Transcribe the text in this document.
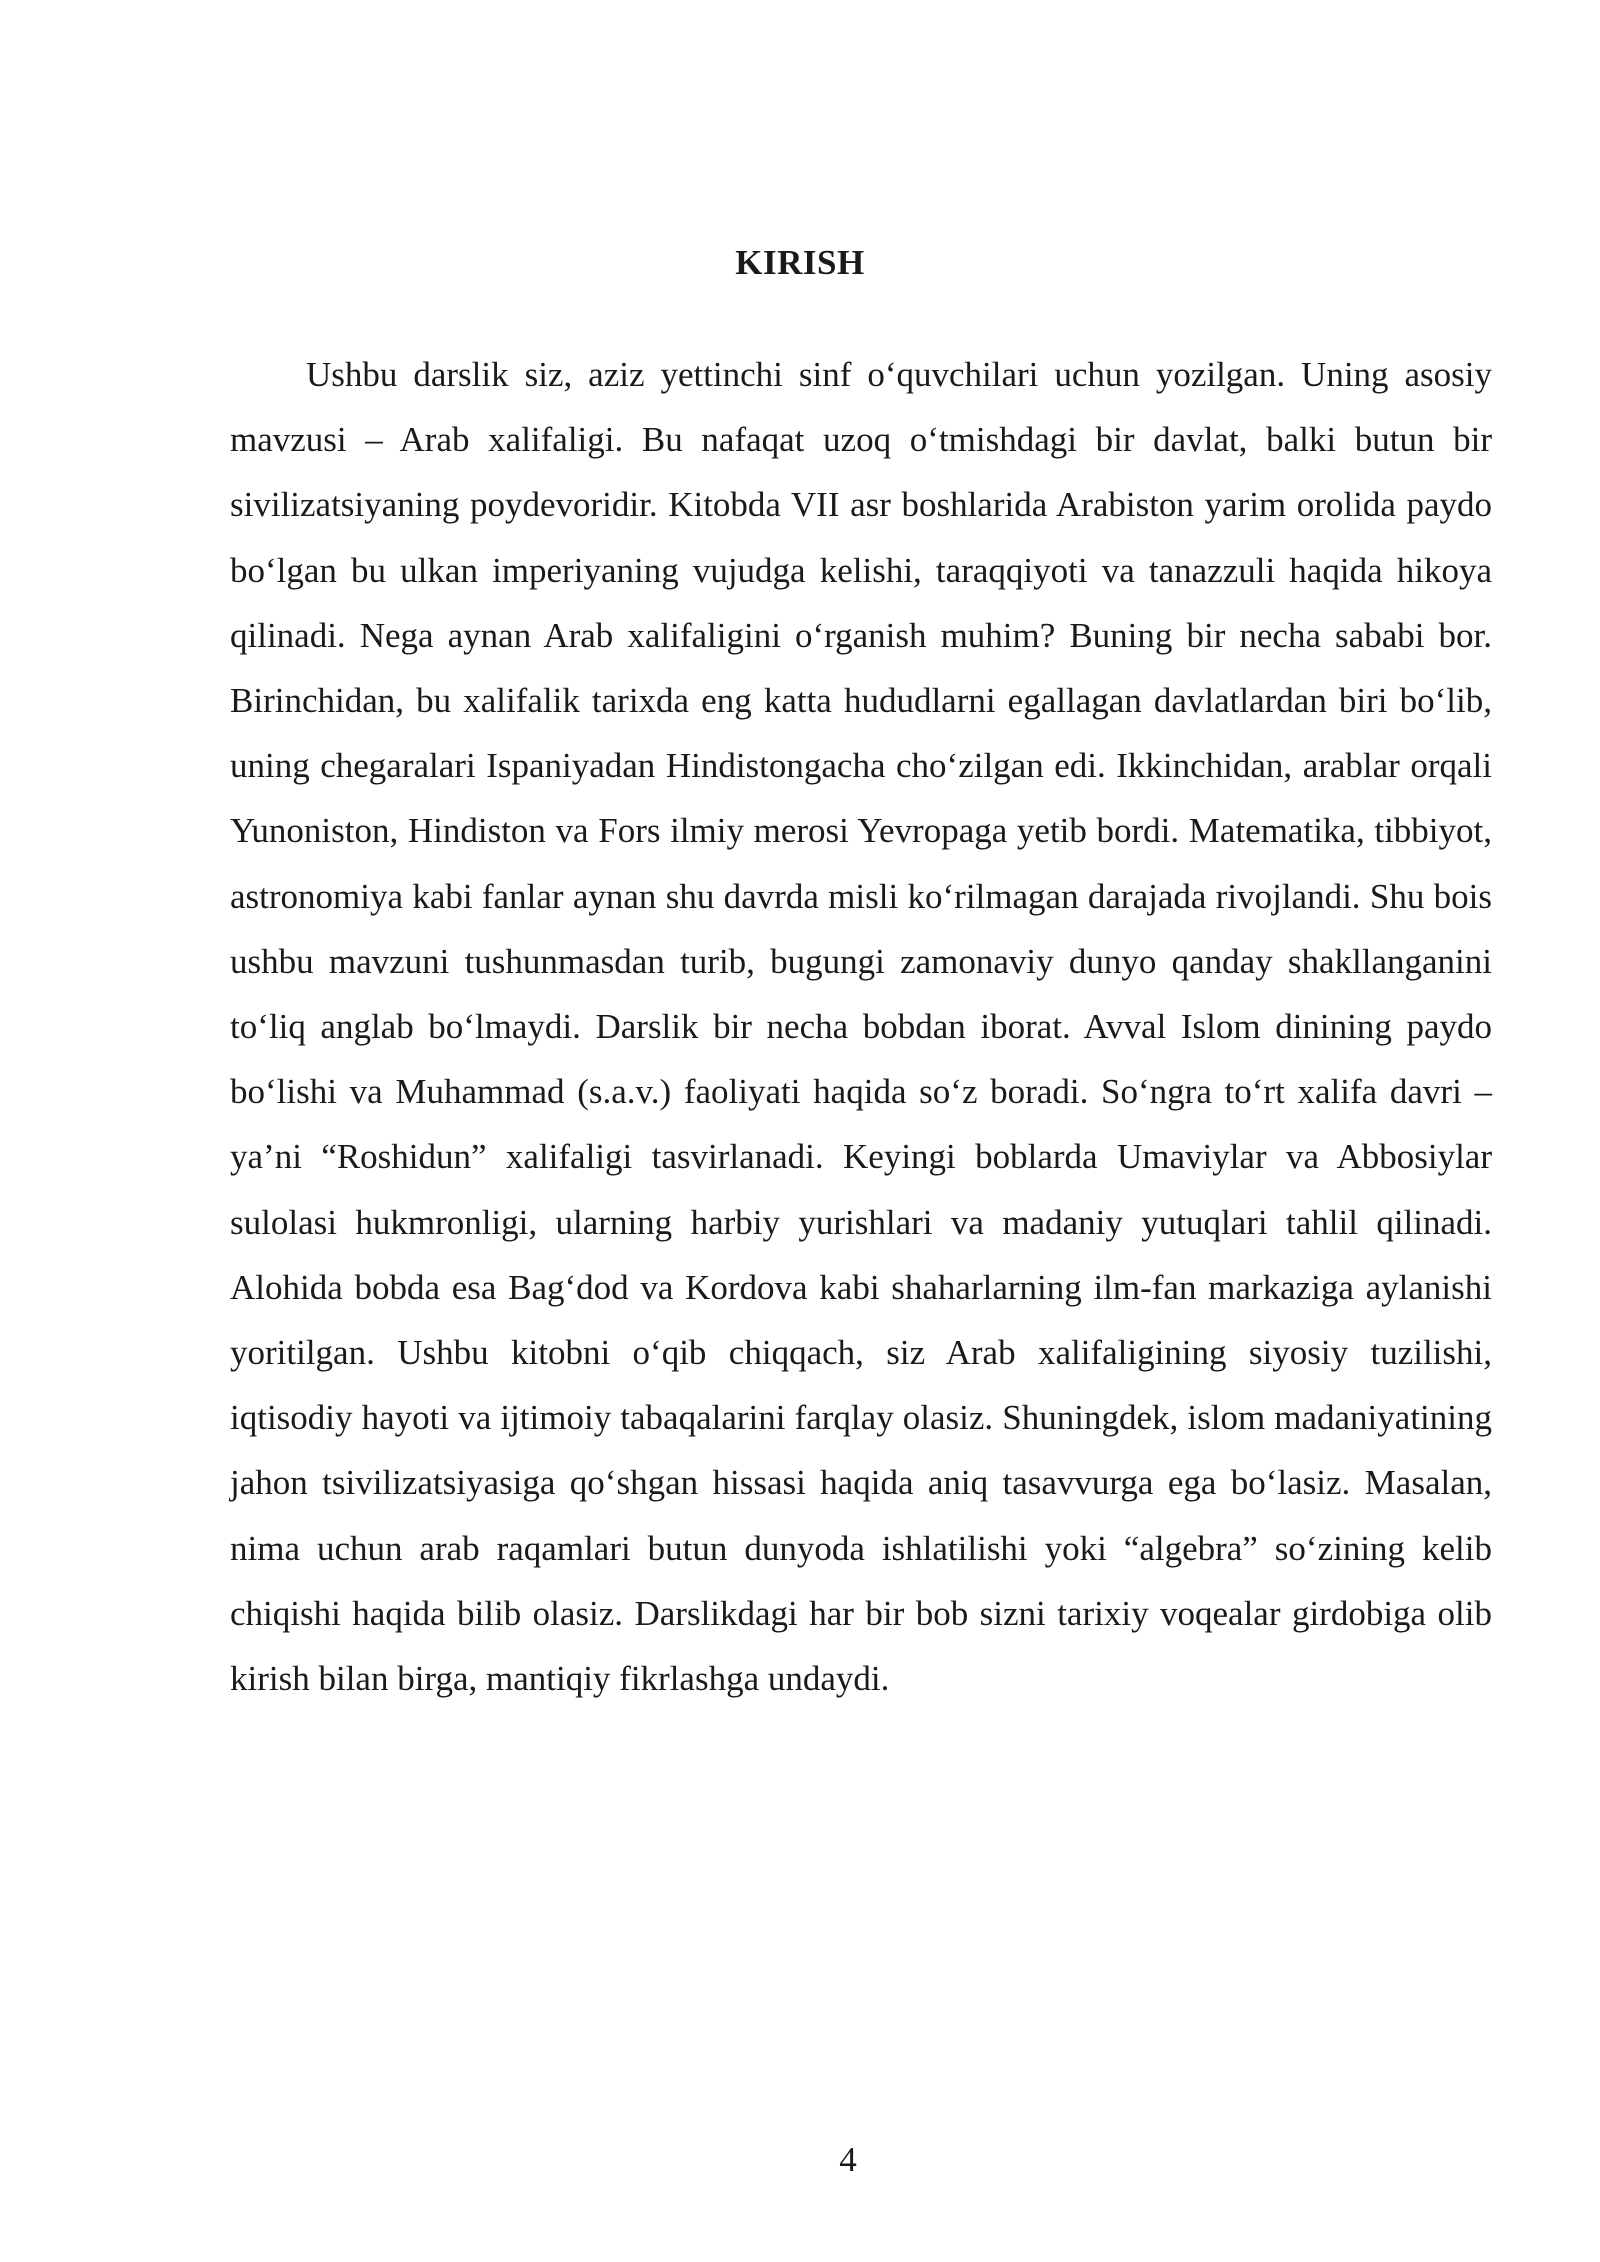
KIRISH

Ushbu darslik siz, aziz yettinchi sinf o‘quvchilari uchun yozilgan. Uning asosiy mavzusi – Arab xalifaligi. Bu nafaqat uzoq o‘tmishdagi bir davlat, balki butun bir sivilizatsiyaning poydevoridir. Kitobda VII asr boshlarida Arabiston yarim orolida paydo bo‘lgan bu ulkan imperiyaning vujudga kelishi, taraqqiyoti va tanazzuli haqida hikoya qilinadi. Nega aynan Arab xalifaligini o‘rganish muhim? Buning bir necha sababi bor. Birinchidan, bu xalifalik tarixda eng katta hududlarni egallagan davlatlardan biri bo‘lib, uning chegaralari Ispaniyadan Hindistongacha cho‘zilgan edi. Ikkinchidan, arablar orqali Yunoniston, Hindiston va Fors ilmiy merosi Yevropaga yetib bordi. Matematika, tibbiyot, astronomiya kabi fanlar aynan shu davrda misli ko‘rilmagan darajada rivojlandi. Shu bois ushbu mavzuni tushunmasdan turib, bugungi zamonaviy dunyo qanday shakllanganini to‘liq anglab bo‘lmaydi. Darslik bir necha bobdan iborat. Avval Islom dinining paydo bo‘lishi va Muhammad (s.a.v.) faoliyati haqida so‘z boradi. So‘ngra to‘rt xalifa davri – ya’ni “Roshidun” xalifaligi tasvirlanadi. Keyingi boblarda Umaviylar va Abbosiylar sulolasi hukmronligi, ularning harbiy yurishlari va madaniy yutuqlari tahlil qilinadi. Alohida bobda esa Bag‘dod va Kordova kabi shaharlarning ilm-fan markaziga aylanishi yoritilgan. Ushbu kitobni o‘qib chiqqach, siz Arab xalifaligining siyosiy tuzilishi, iqtisodiy hayoti va ijtimoiy tabaqalarini farqlay olasiz. Shuningdek, islom madaniyatining jahon tsivilizatsiyasiga qo‘shgan hissasi haqida aniq tasavvurga ega bo‘lasiz. Masalan, nima uchun arab raqamlari butun dunyoda ishlatilishi yoki “algebra” so‘zining kelib chiqishi haqida bilib olasiz. Darslikdagi har bir bob sizni tarixiy voqealar girdobiga olib kirish bilan birga, mantiqiy fikrlashga undaydi.

4
